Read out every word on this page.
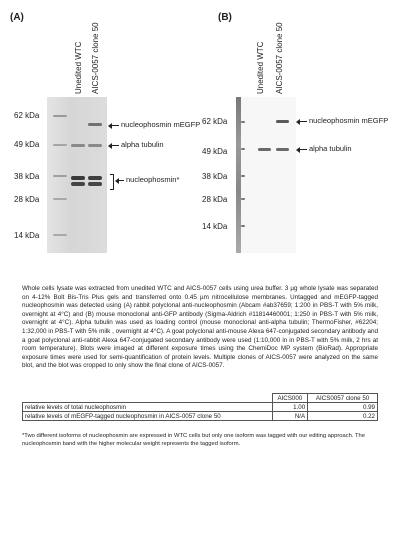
(A)
Unedited WTC AICS-0057 clone 50
62 kDa
49 kDa
38 kDa
28 kDa
14 kDa
nucleophosmin mEGFP
alpha tubulin
nucleophosmin*
(B)
Unedited WTC AICS-0057 clone 50
62 kDa
49 kDa
38 kDa
28 kDa
14 kDa
nucleophosmin mEGFP
alpha tubulin
Whole cells lysate was extracted from unedited WTC and AICS-0057 cells using urea buffer. 3 µg whole lysate was separated on 4-12% Bolt Bis-Tris Plus gels and transferred onto 0.45 µm nitrocellulose membranes. Untagged and mEGFP-tagged nucleophosmin was detected using (A) rabbit polyclonal anti-nucleophosmin (Abcam #ab37659; 1:200 in PBS-T with 5% milk, overnight at 4°C) and (B) mouse monoclonal anti-GFP antibody (Sigma-Aldrich #11814460001; 1:250 in PBS-T with 5% milk, overnight at 4°C). Alpha tubulin was used as loading control (mouse monoclonal anti-alpha tubulin; ThermoFisher, #62204; 1:32,000 in PBS-T with 5% milk , overnight at 4°C). A goat polyclonal anti-mouse Alexa 647-conjugated secondary antibody and a goat polyclonal anti-rabbit Alexa 647-conjugated secondary antibody were used (1:10,000 in in PBS-T with 5% milk, 2 hrs at room temperature). Blots were imaged at different exposure times using the ChemiDoc MP system (BioRad). Appropriate exposure times were used for semi-quantification of protein levels. Multiple clones of AICS-0057 were analyzed on the same blot, and the blot was cropped to only show the final clone of AICS-0057.
	AICS000	AICS0057 clone 50
relative levels of total nucleophosmin	1.00	0.99
relative levels of mEGFP-tagged nucleophosmin in AICS-0057 clone 50	N/A	0.22
*Two different isoforms of nucleophosmin are expressed in WTC cells but only one isoform was tagged with our editing approach. The nucleophosmin band with the higher molecular weight represents the tagged isoform.
